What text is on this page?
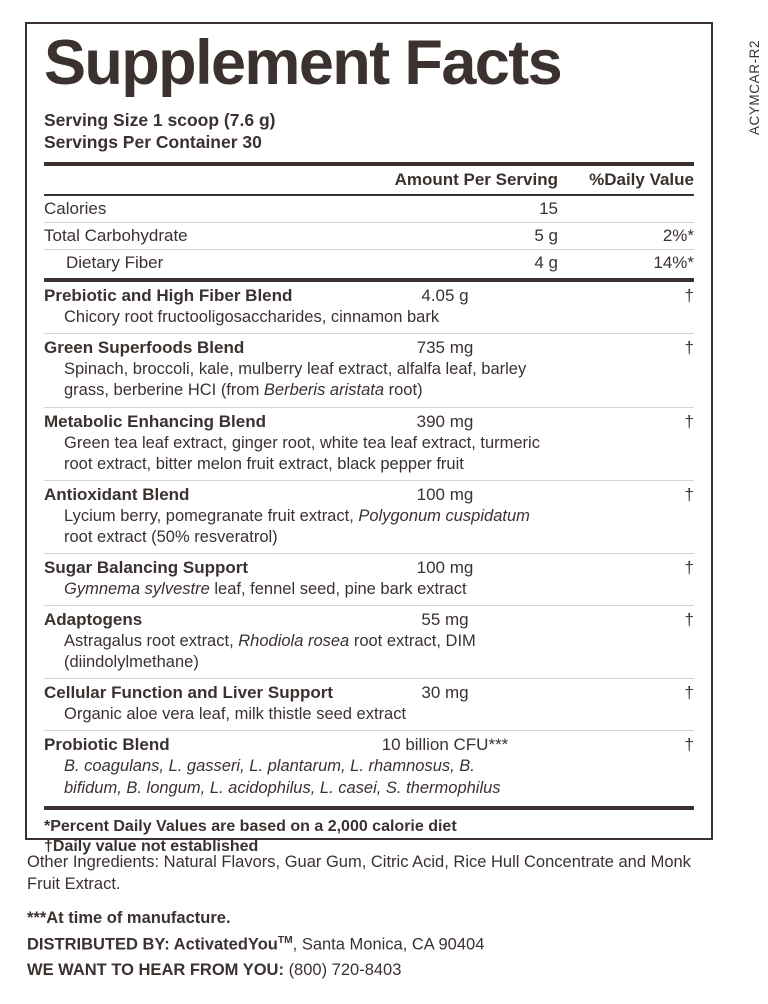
ACYMCAR-R2
Supplement Facts
Serving Size 1 scoop (7.6 g)
Servings Per Container 30
Amount Per Serving	%Daily Value
Calories	15
Total Carbohydrate	5 g	2%*
Dietary Fiber	4 g	14%*
Prebiotic and High Fiber Blend	4.05 g	†
Chicory root fructooligosaccharides, cinnamon bark
Green Superfoods Blend	735 mg	†
Spinach, broccoli, kale, mulberry leaf extract, alfalfa leaf, barley grass, berberine HCI (from Berberis aristata root)
Metabolic Enhancing Blend	390 mg	†
Green tea leaf extract, ginger root, white tea leaf extract, turmeric root extract, bitter melon fruit extract, black pepper fruit
Antioxidant Blend	100 mg	†
Lycium berry, pomegranate fruit extract, Polygonum cuspidatum root extract (50% resveratrol)
Sugar Balancing Support	100 mg	†
Gymnema sylvestre leaf, fennel seed, pine bark extract
Adaptogens	55 mg	†
Astragalus root extract, Rhodiola rosea root extract, DIM (diindolylmethane)
Cellular Function and Liver Support	30 mg	†
Organic aloe vera leaf, milk thistle seed extract
Probiotic Blend	10 billion CFU***	†
B. coagulans, L. gasseri, L. plantarum, L. rhamnosus, B. bifidum, B. longum, L. acidophilus, L. casei, S. thermophilus
*Percent Daily Values are based on a 2,000 calorie diet
†Daily value not established
Other Ingredients: Natural Flavors, Guar Gum, Citric Acid, Rice Hull Concentrate and Monk Fruit Extract.
***At time of manufacture.
DISTRIBUTED BY: ActivatedYou™, Santa Monica, CA 90404
WE WANT TO HEAR FROM YOU: (800) 720-8403
